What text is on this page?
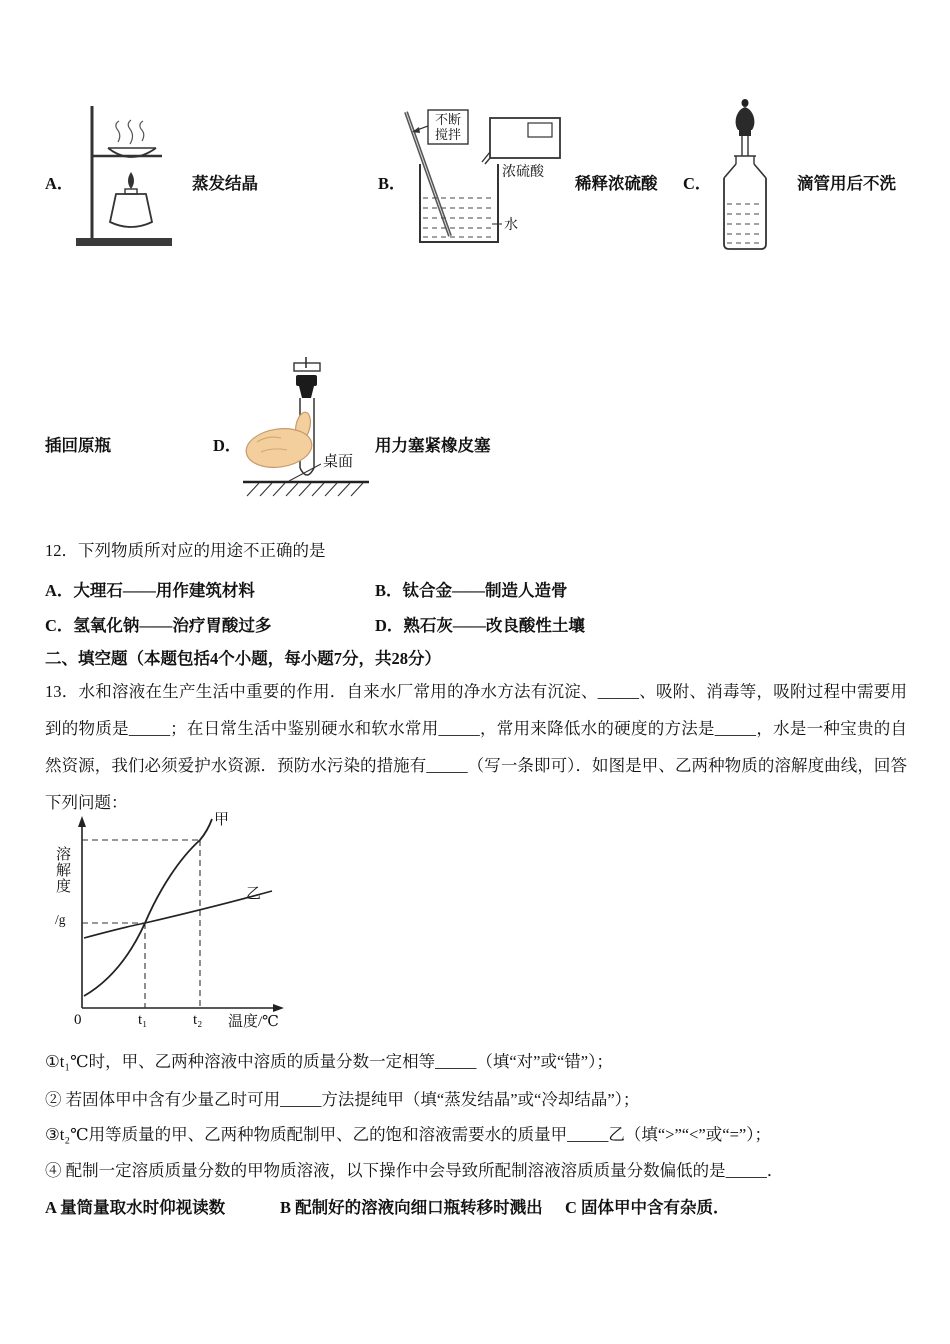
A．	蒸发结晶	B．
不断
搅拌
浓硫酸
水
稀释浓硫酸 C．	滴管用后不洗
插回原瓶	D．
桌面
用力塞紧橡皮塞
12．下列物质所对应的用途不正确的是
A．大理石——用作建筑材料	B．钛合金——制造人造骨
C．氢氧化钠——治疗胃酸过多	D．熟石灰——改良酸性土壤
二、填空题（本题包括4个小题，每小题7分，共28分）
13．水和溶液在生产生活中重要的作用．自来水厂常用的净水方法有沉淀、_____、吸附、消毒等，吸附过程中需要用到的物质是_____；在日常生活中鉴别硬水和软水常用_____，常用来降低水的硬度的方法是_____，水是一种宝贵的自然资源，我们必须爱护水资源．预防水污染的措施有_____（写一条即可）．如图是甲、乙两种物质的溶解度曲线，回答下列问题：
甲
乙
溶解度
/g
0	t₁	t₂ 温度/℃
①t₁℃时，甲、乙两种溶液中溶质的质量分数一定相等_____（填“对”或“错”）；
② 若固体甲中含有少量乙时可用_____方法提纯甲（填“蒸发结晶”或“冷却结晶”）；
③t₂℃用等质量的甲、乙两种物质配制甲、乙的饱和溶液需要水的质量甲_____乙（填“>”“<”或“=”）；
④ 配制一定溶质质量分数的甲物质溶液，以下操作中会导致所配制溶液溶质质量分数偏低的是_____．
A 量筒量取水时仰视读数	B 配制好的溶液向细口瓶转移时溅出 C 固体甲中含有杂质．
